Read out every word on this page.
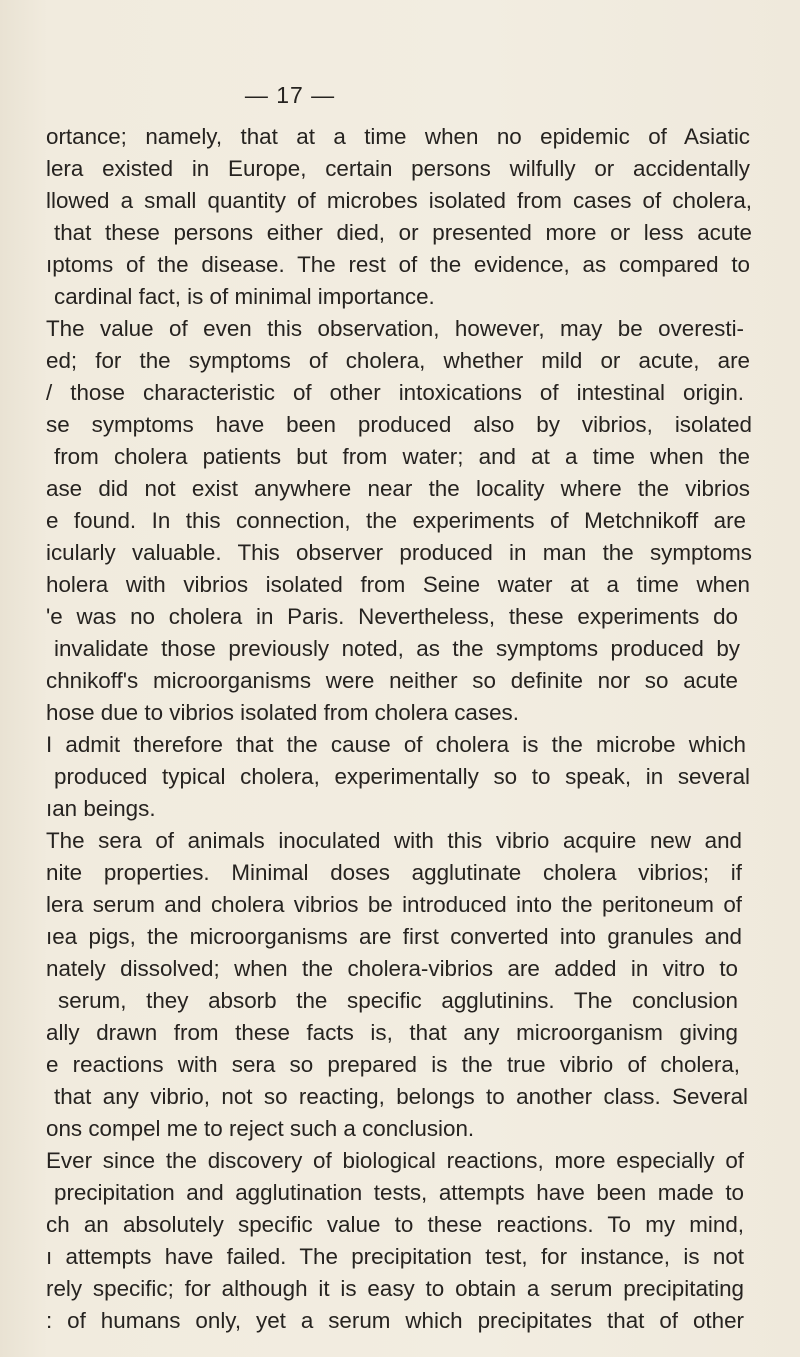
— 17 —
ortance; namely, that at a time when no epidemic of Asiatic
lera existed in Europe, certain persons wilfully or accidentally
llowed a small quantity of microbes isolated from cases of cholera,
that these persons either died, or presented more or less acute
ıptoms of the disease. The rest of the evidence, as compared to
cardinal fact, is of minimal importance.
The value of even this observation, however, may be overesti-
ed; for the symptoms of cholera, whether mild or acute, are
/ those characteristic of other intoxications of intestinal origin.
se symptoms have been produced also by vibrios, isolated
from cholera patients but from water; and at a time when the
ase did not exist anywhere near the locality where the vibrios
e found. In this connection, the experiments of Metchnikoff are
icularly valuable. This observer produced in man the symptoms
holera with vibrios isolated from Seine water at a time when
'e was no cholera in Paris. Nevertheless, these experiments do
invalidate those previously noted, as the symptoms produced by
chnikoff's microorganisms were neither so definite nor so acute
hose due to vibrios isolated from cholera cases.
I admit therefore that the cause of cholera is the microbe which
produced typical cholera, experimentally so to speak, in several
ıan beings.
The sera of animals inoculated with this vibrio acquire new and
nite properties. Minimal doses agglutinate cholera vibrios; if
lera serum and cholera vibrios be introduced into the peritoneum of
ıea pigs, the microorganisms are first converted into granules and
nately dissolved; when the cholera-vibrios are added in vitro to
serum, they absorb the specific agglutinins. The conclusion
ally drawn from these facts is, that any microorganism giving
e reactions with sera so prepared is the true vibrio of cholera,
that any vibrio, not so reacting, belongs to another class. Several
ons compel me to reject such a conclusion.
Ever since the discovery of biological reactions, more especially of
precipitation and agglutination tests, attempts have been made to
ch an absolutely specific value to these reactions. To my mind,
ı attempts have failed. The precipitation test, for instance, is not
rely specific; for although it is easy to obtain a serum precipitating
: of humans only, yet a serum which precipitates that of other
